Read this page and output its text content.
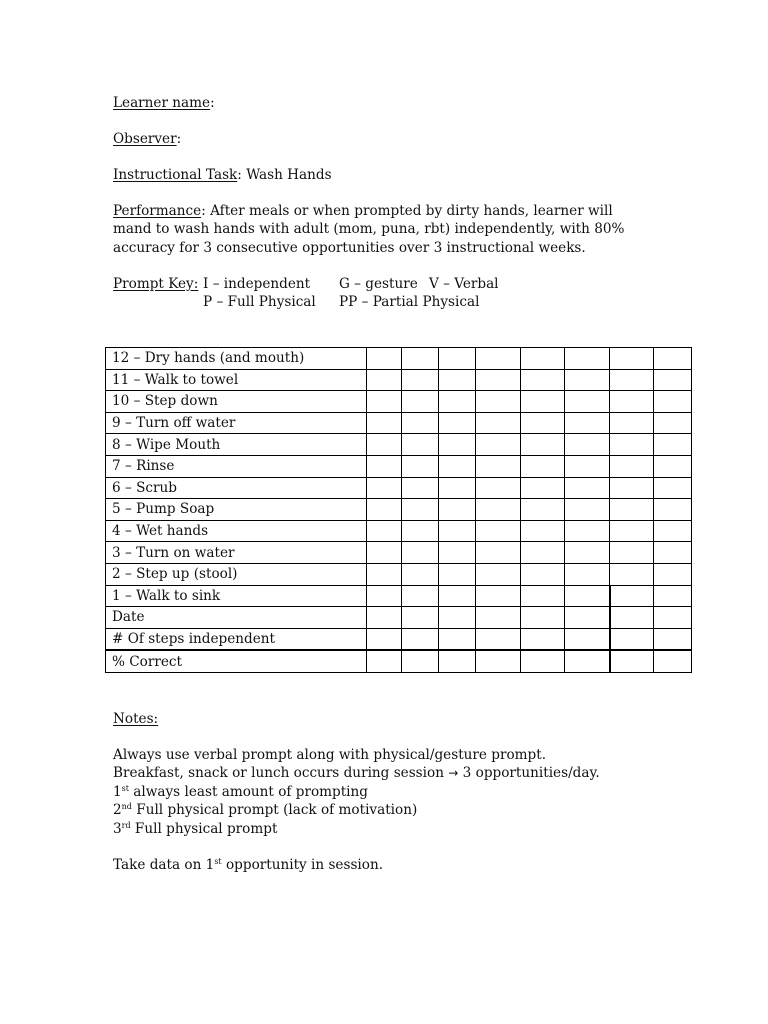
Learner name:

Observer:

Instructional Task: Wash Hands

Performance: After meals or when prompted by dirty hands, learner will mand to wash hands with adult (mom, puna, rbt) independently, with 80% accuracy for 3 consecutive opportunities over 3 instructional weeks.

Prompt Key: I – independent	G – gesture V – Verbal
P – Full Physical	PP – Partial Physical
12 – Dry hands (and mouth)								
11 – Walk to towel								
10 – Step down								
9 – Turn off water								
8 – Wipe Mouth								
7 – Rinse								
6 – Scrub								
5 – Pump Soap								
4 – Wet hands								
3 – Turn on water								
2 – Step up (stool)								
1 – Walk to sink								
Date								
# Of steps independent								
% Correct								

Notes:

Always use verbal prompt along with physical/gesture prompt.

Breakfast, snack or lunch occurs during session → 3 opportunities/day.

1st always least amount of prompting

2nd Full physical prompt (lack of motivation)

3rd Full physical prompt

Take data on 1st opportunity in session.
